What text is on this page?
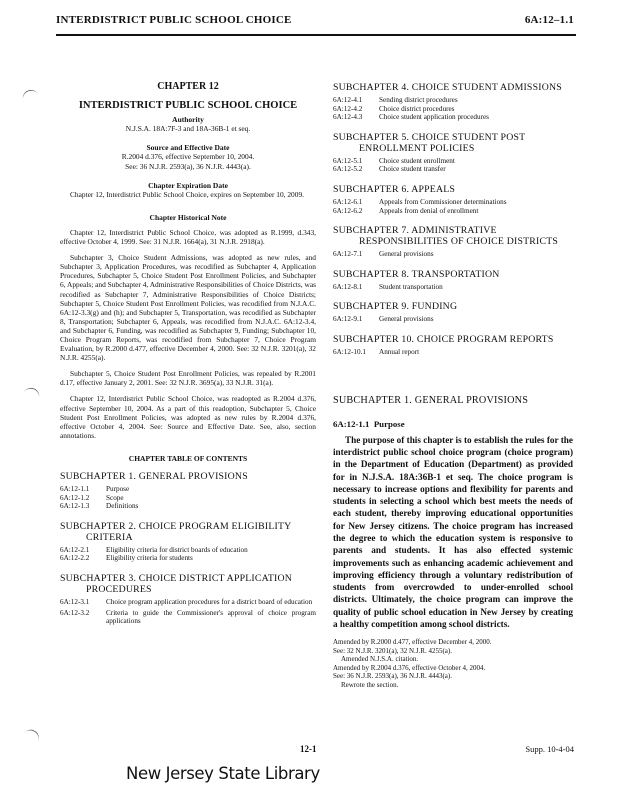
INTERDISTRICT PUBLIC SCHOOL CHOICE	6A:12–1.1
CHAPTER 12
INTERDISTRICT PUBLIC SCHOOL CHOICE
Authority
N.J.S.A. 18A:7F-3 and 18A-36B-1 et seq.
Source and Effective Date
R.2004 d.376, effective September 10, 2004.
See: 36 N.J.R. 2593(a), 36 N.J.R. 4443(a).
Chapter Expiration Date

Chapter 12, Interdistrict Public School Choice, expires on September 10, 2009.

Chapter Historical Note

Chapter 12, Interdistrict Public School Choice, was adopted as R.1999, d.343, effective October 4, 1999. See: 31 N.J.R. 1664(a), 31 N.J.R. 2918(a).

Subchapter 3, Choice Student Admissions, was adopted as new rules, and Subchapter 3, Application Procedures, was recodified as Subchapter 4, Application Procedures, Subchapter 5, Choice Student Post Enrollment Policies, and Subchapter 6, Appeals; and Subchapter 4, Administrative Responsibilities of Choice Districts, was recodified as Subchapter 7, Administrative Responsibilities of Choice Districts; Subchapter 5, Choice Student Post Enrollment Policies, was recodified from N.J.A.C. 6A:12-3.3(g) and (h); and Subchapter 5, Transportation, was recodified as Subchapter 8, Transportation; Subchapter 6, Appeals, was recodified from N.J.A.C. 6A:12-3.4, and Subchapter 6, Funding, was recodified as Subchapter 9, Funding; Subchapter 10, Choice Program Reports, was recodified from Subchapter 7, Choice Program Evaluation, by R.2000 d.477, effective December 4, 2000. See: 32 N.J.R. 3201(a), 32 N.J.R. 4255(a).

Subchapter 5, Choice Student Post Enrollment Policies, was repealed by R.2001 d.17, effective January 2, 2001. See: 32 N.J.R. 3695(a), 33 N.J.R. 31(a).

Chapter 12, Interdistrict Public School Choice, was readopted as R.2004 d.376, effective September 10, 2004. As a part of this readoption, Subchapter 5, Choice Student Post Enrollment Policies, was adopted as new rules by R.2004 d.376, effective October 4, 2004. See: Source and Effective Date. See, also, section annotations.

CHAPTER TABLE OF CONTENTS
SUBCHAPTER 1. GENERAL PROVISIONS
6A:12-1.1	Purpose
6A:12-1.2	Scope
6A:12-1.3	Definitions
SUBCHAPTER 2. CHOICE PROGRAM ELIGIBILITY
CRITERIA
6A:12-2.1	Eligibility criteria for district boards of education
6A:12-2.2	Eligibility criteria for students
SUBCHAPTER 3. CHOICE DISTRICT APPLICATION
PROCEDURES
6A:12-3.1	Choice program application procedures for a district board of education
6A:12-3.2	Criteria to guide the Commissioner's approval of choice program applications
SUBCHAPTER 4. CHOICE STUDENT ADMISSIONS
6A:12-4.1	Sending district procedures
6A:12-4.2	Choice district procedures
6A:12-4.3	Choice student application procedures
SUBCHAPTER 5. CHOICE STUDENT POST
ENROLLMENT POLICIES
6A:12-5.1	Choice student enrollment
6A:12-5.2	Choice student transfer
SUBCHAPTER 6. APPEALS
6A:12-6.1	Appeals from Commissioner determinations
6A:12-6.2	Appeals from denial of enrollment
SUBCHAPTER 7. ADMINISTRATIVE
RESPONSIBILITIES OF CHOICE DISTRICTS
6A:12-7.1	General provisions
SUBCHAPTER 8. TRANSPORTATION
6A:12-8.1	Student transportation
SUBCHAPTER 9. FUNDING
6A:12-9.1	General provisions
SUBCHAPTER 10. CHOICE PROGRAM REPORTS
6A:12-10.1	Annual report
SUBCHAPTER 1. GENERAL PROVISIONS
6A:12-1.1 Purpose

The purpose of this chapter is to establish the rules for the interdistrict public school choice program (choice program) in the Department of Education (Department) as provided for in N.J.S.A. 18A:36B-1 et seq. The choice program is necessary to increase options and flexibility for parents and students in selecting a school which best meets the needs of each student, thereby improving educational opportunities for New Jersey citizens. The choice program has increased the degree to which the education system is responsive to parents and students. It has also effected systemic improvements such as enhancing academic achievement and improving efficiency through a voluntary redistribution of students from overcrowded to under-enrolled school districts. Ultimately, the choice program can improve the quality of public school education in New Jersey by creating a healthy competition among school districts.

Amended by R.2000 d.477, effective December 4, 2000.
See: 32 N.J.R. 3201(a), 32 N.J.R. 4255(a).
Amended N.J.S.A. citation.
Amended by R.2004 d.376, effective October 4, 2004.
See: 36 N.J.R. 2593(a), 36 N.J.R. 4443(a).
Rewrote the section.
12-1	Supp. 10-4-04
New Jersey State Library
